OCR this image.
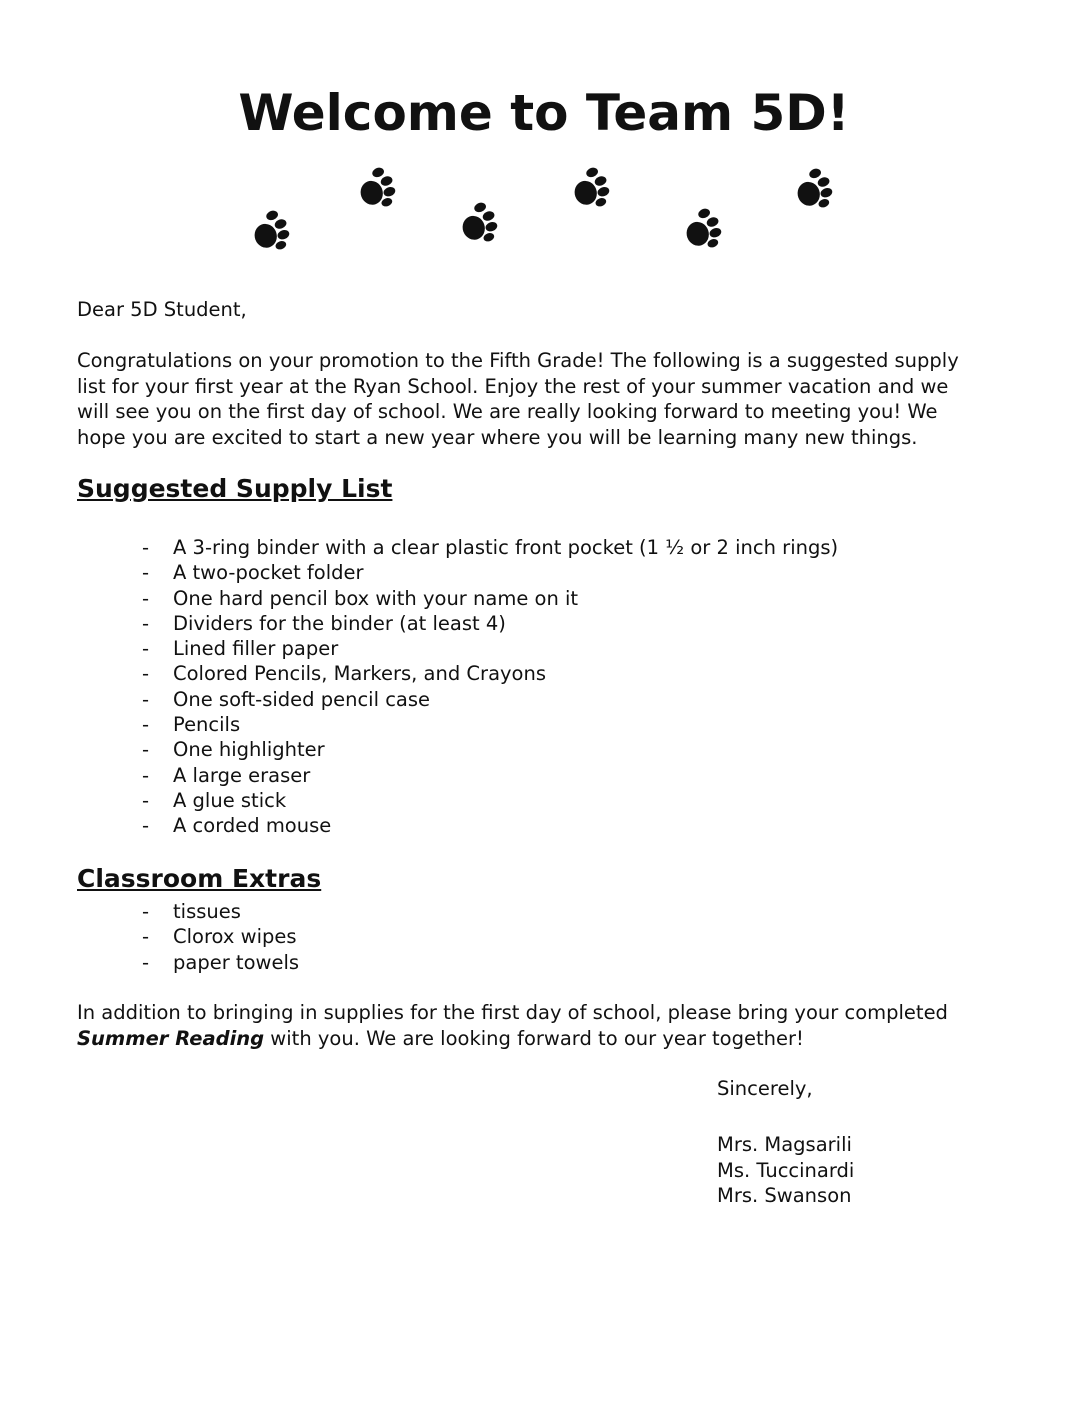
Welcome to Team 5D!

Dear 5D Student,

Congratulations on your promotion to the Fifth Grade! The following is a suggested supply
list for your first year at the Ryan School. Enjoy the rest of your summer vacation and we
will see you on the first day of school. We are really looking forward to meeting you! We
hope you are excited to start a new year where you will be learning many new things.
Suggested Supply List
- A 3-ring binder with a clear plastic front pocket (1 ½ or 2 inch rings)
- A two-pocket folder
- One hard pencil box with your name on it
- Dividers for the binder (at least 4)
- Lined filler paper
- Colored Pencils, Markers, and Crayons
- One soft-sided pencil case
- Pencils
- One highlighter
- A large eraser
- A glue stick
- A corded mouse
Classroom Extras
- tissues
- Clorox wipes
- paper towels

In addition to bringing in supplies for the first day of school, please bring your completed

Summer Reading with you. We are looking forward to our year together!

Sincerely,

Mrs. Magsarili
Ms. Tuccinardi
Mrs. Swanson
